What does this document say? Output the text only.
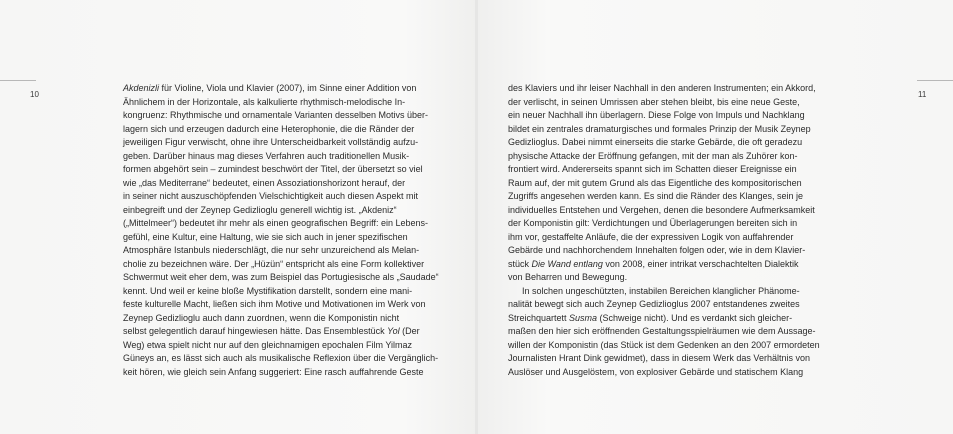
10	11
Akdenizli für Violine, Viola und Klavier (2007), im Sinne einer Addition von
Ähnlichem in der Horizontale, als kalkulierte rhythmisch-melodische In-
kongruenz: Rhythmische und ornamentale Varianten desselben Motivs über-
lagern sich und erzeugen dadurch eine Heterophonie, die die Ränder der
jeweiligen Figur verwischt, ohne ihre Unterscheidbarkeit vollständig aufzu-
geben. Darüber hinaus mag dieses Verfahren auch traditionellen Musik-
formen abgehört sein – zumindest beschwört der Titel, der übersetzt so viel
wie „das Mediterrane“ bedeutet, einen Assoziationshorizont herauf, der
in seiner nicht auszuschöpfenden Vielschichtigkeit auch diesen Aspekt mit
einbegreift und der Zeynep Gedizlioglu generell wichtig ist. „Akdeniz“
(„Mittelmeer“) bedeutet ihr mehr als einen geografischen Begriff: ein Lebens-
gefühl, eine Kultur, eine Haltung, wie sie sich auch in jener spezifischen
Atmosphäre Istanbuls niederschlägt, die nur sehr unzureichend als Melan-
cholie zu bezeichnen wäre. Der „Hüzün“ entspricht als eine Form kollektiver
Schwermut weit eher dem, was zum Beispiel das Portugiesische als „Saudade“
kennt. Und weil er keine bloße Mystifikation darstellt, sondern eine mani-
feste kulturelle Macht, ließen sich ihm Motive und Motivationen im Werk von
Zeynep Gedizlioglu auch dann zuordnen, wenn die Komponistin nicht
selbst gelegentlich darauf hingewiesen hätte. Das Ensemblestück Yol (Der
Weg) etwa spielt nicht nur auf den gleichnamigen epochalen Film Yilmaz
Güneys an, es lässt sich auch als musikalische Reflexion über die Vergänglich-
keit hören, wie gleich sein Anfang suggeriert: Eine rasch auffahrende Geste
des Klaviers und ihr leiser Nachhall in den anderen Instrumenten; ein Akkord,
der verlischt, in seinen Umrissen aber stehen bleibt, bis eine neue Geste,
ein neuer Nachhall ihn überlagern. Diese Folge von Impuls und Nachklang
bildet ein zentrales dramaturgisches und formales Prinzip der Musik Zeynep
Gedizlioglus. Dabei nimmt einerseits die starke Gebärde, die oft geradezu
physische Attacke der Eröffnung gefangen, mit der man als Zuhörer kon-
frontiert wird. Andererseits spannt sich im Schatten dieser Ereignisse ein
Raum auf, der mit gutem Grund als das Eigentliche des kompositorischen
Zugriffs angesehen werden kann. Es sind die Ränder des Klanges, sein je
individuelles Entstehen und Vergehen, denen die besondere Aufmerksamkeit
der Komponistin gilt: Verdichtungen und Überlagerungen bereiten sich in
ihm vor, gestaffelte Anläufe, die der expressiven Logik von auffahrender
Gebärde und nachhorchendem Innehalten folgen oder, wie in dem Klavier-
stück Die Wand entlang von 2008, einer intrikat verschachtelten Dialektik
von Beharren und Bewegung.
In solchen ungeschützten, instabilen Bereichen klanglicher Phänome-
nalität bewegt sich auch Zeynep Gedizlioglus 2007 entstandenes zweites
Streichquartett Susma (Schweige nicht). Und es verdankt sich gleicher-
maßen den hier sich eröffnenden Gestaltungsspielräumen wie dem Aussage-
willen der Komponistin (das Stück ist dem Gedenken an den 2007 ermordeten
Journalisten Hrant Dink gewidmet), dass in diesem Werk das Verhältnis von
Auslöser und Ausgelöstem, von explosiver Gebärde und statischem Klang
